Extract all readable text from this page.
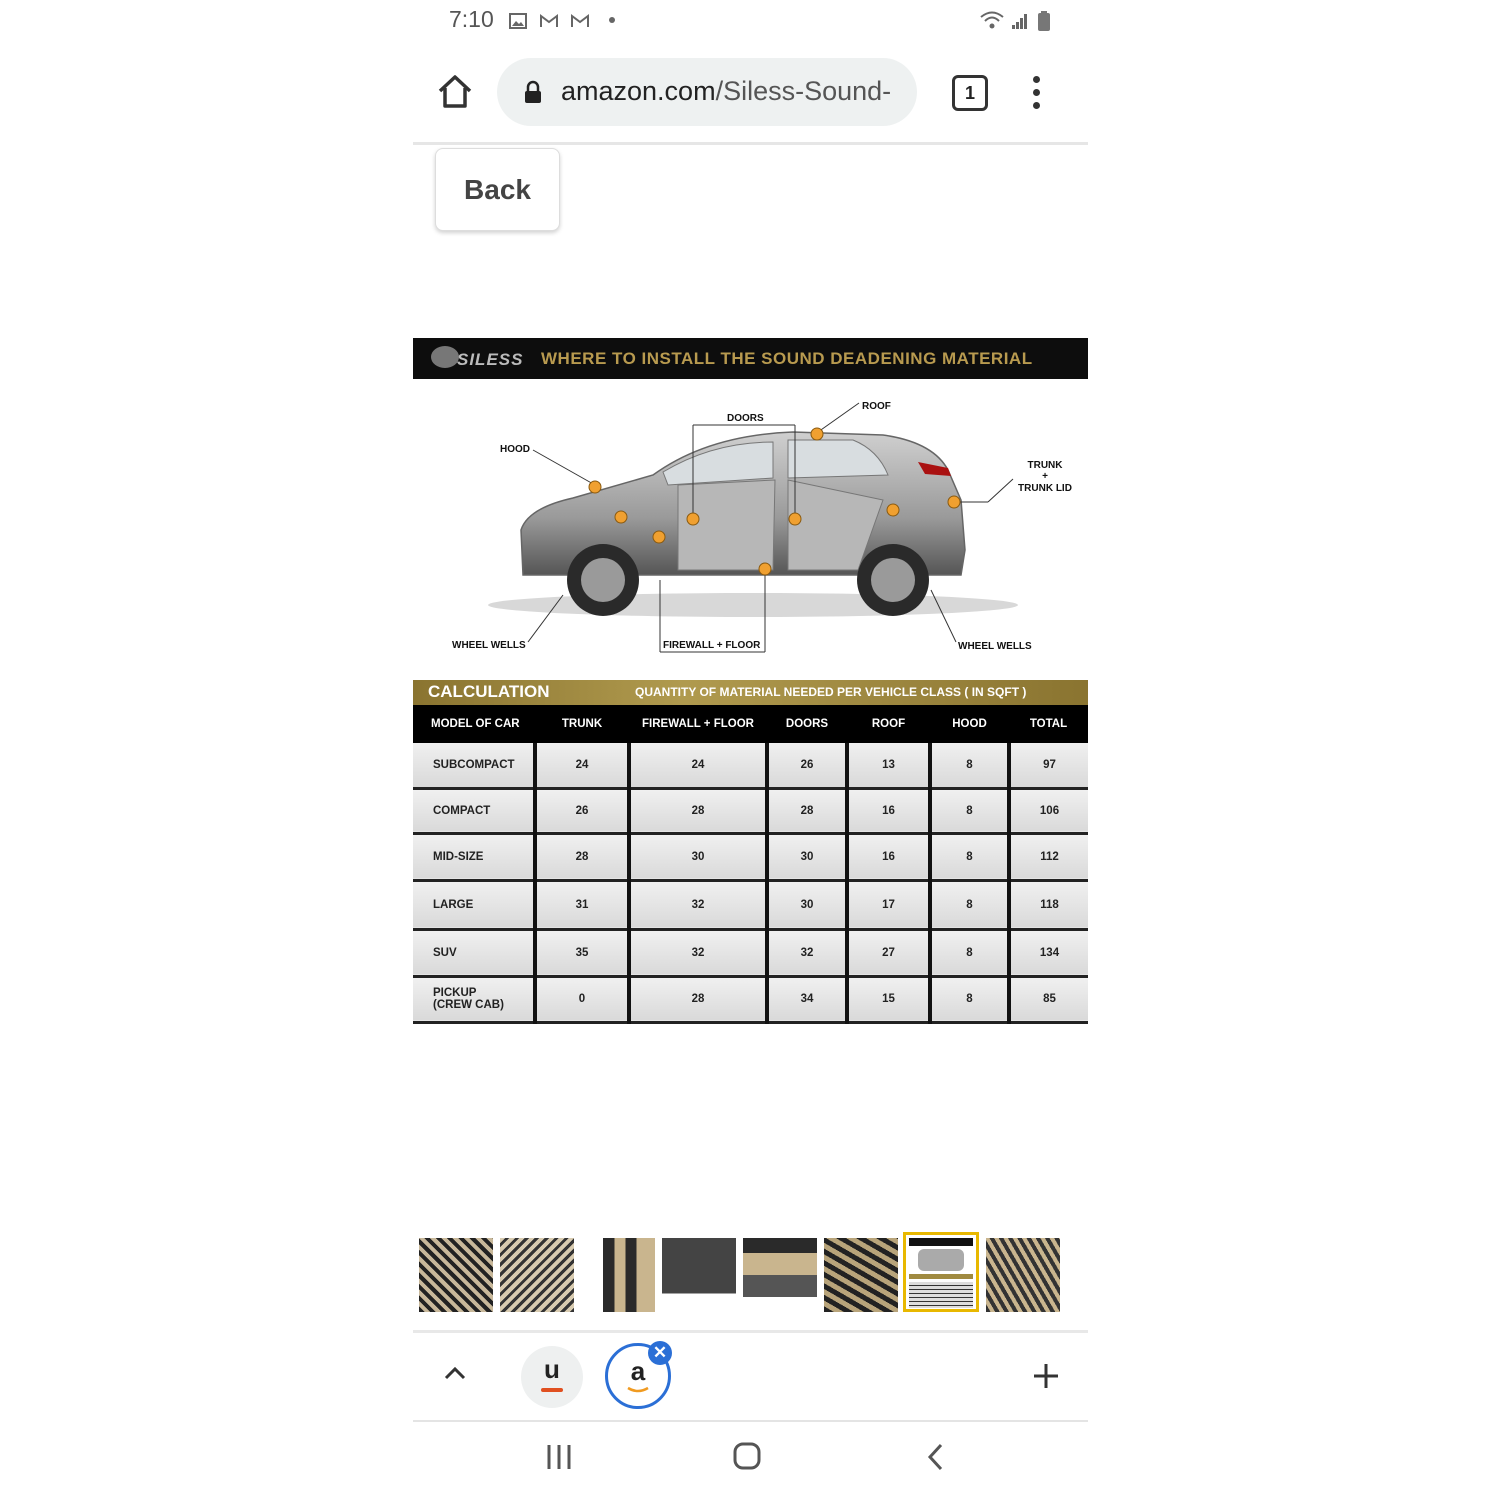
7:10
amazon.com/Siless-Sound-	1
Back
SILESS WHERE TO INSTALL THE SOUND DEADENING MATERIAL
ROOF
DOORS
HOOD
TRUNK
+
TRUNK LID
WHEEL WELLS	FIREWALL + FLOOR	WHEEL WELLS
CALCULATION	QUANTITY OF MATERIAL NEEDED PER VEHICLE CLASS ( IN SQFT )
MODEL OF CAR	TRUNK	FIREWALL + FLOOR	DOORS	ROOF	HOOD	TOTAL
SUBCOMPACT	24	24	26	13	8	97
COMPACT	26	28	28	16	8	106
MID-SIZE	28	30	30	16	8	112
LARGE	31	32	30	17	8	118
SUV	35	32	32	27	8	134

PICKUP
(CREW CAB)	0	28	34	15	8	85
u	a
✕
